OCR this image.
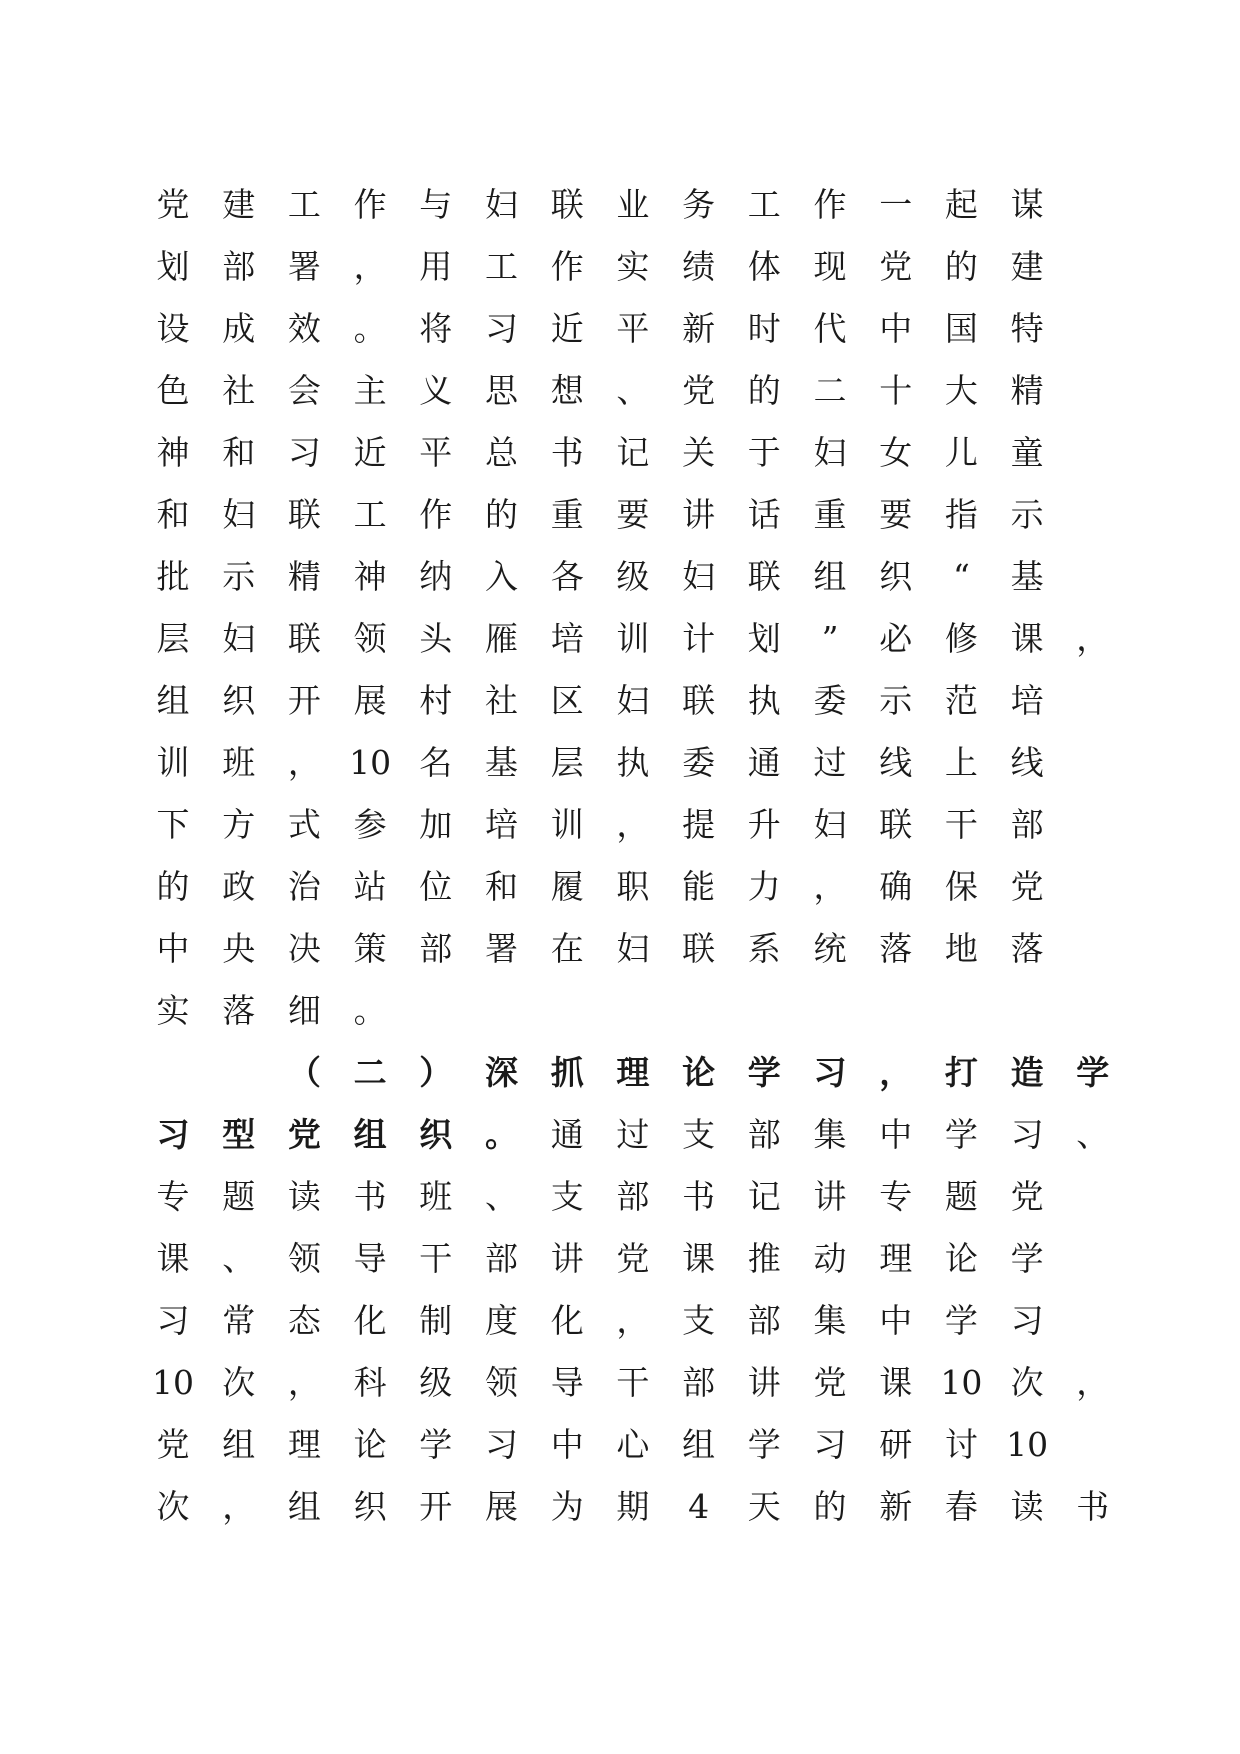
党 建 工 作 与 妇 联 业 务 工 作 一 起 谋
划 部 署 ， 用 工 作 实 绩 体 现 党 的 建
设 成 效 。 将 习 近 平 新 时 代 中 国 特
色 社 会 主 义 思 想 、 党 的 二 十 大 精
神 和 习 近 平 总 书 记 关 于 妇 女 儿 童
和 妇 联 工 作 的 重 要 讲 话 重 要 指 示
批 示 精 神 纳 入 各 级 妇 联 组 织	“	基
层 妇 联 领 头 雁 培 训 计 划	”	必 修 课 ，
组 织 开 展 村 社 区 妇 联 执 委 示 范 培
训 班 ， 10 名 基 层 执 委 通 过 线 上 线
下 方 式 参 加 培 训 ， 提 升 妇 联 干 部
的 政 治 站 位 和 履 职 能 力 ， 确 保 党
中 央 决 策 部 署 在 妇 联 系 统 落 地 落
实 落 细 。
（ 二 ） 深 抓 理 论 学 习 ， 打 造 学
习 型 党 组 织 。 通 过 支 部 集 中 学 习 、
专 题 读 书 班 、 支 部 书 记 讲 专 题 党
课 、 领 导 干 部 讲 党 课 推 动 理 论 学
习 常 态 化 制 度 化 ， 支 部 集 中 学 习
10 次 ， 科 级 领 导 干 部 讲 党 课 10 次 ，
党 组 理 论 学 习 中 心 组 学 习 研 讨 10
次 ， 组 织 开 展 为 期	4	天 的 新 春 读 书
